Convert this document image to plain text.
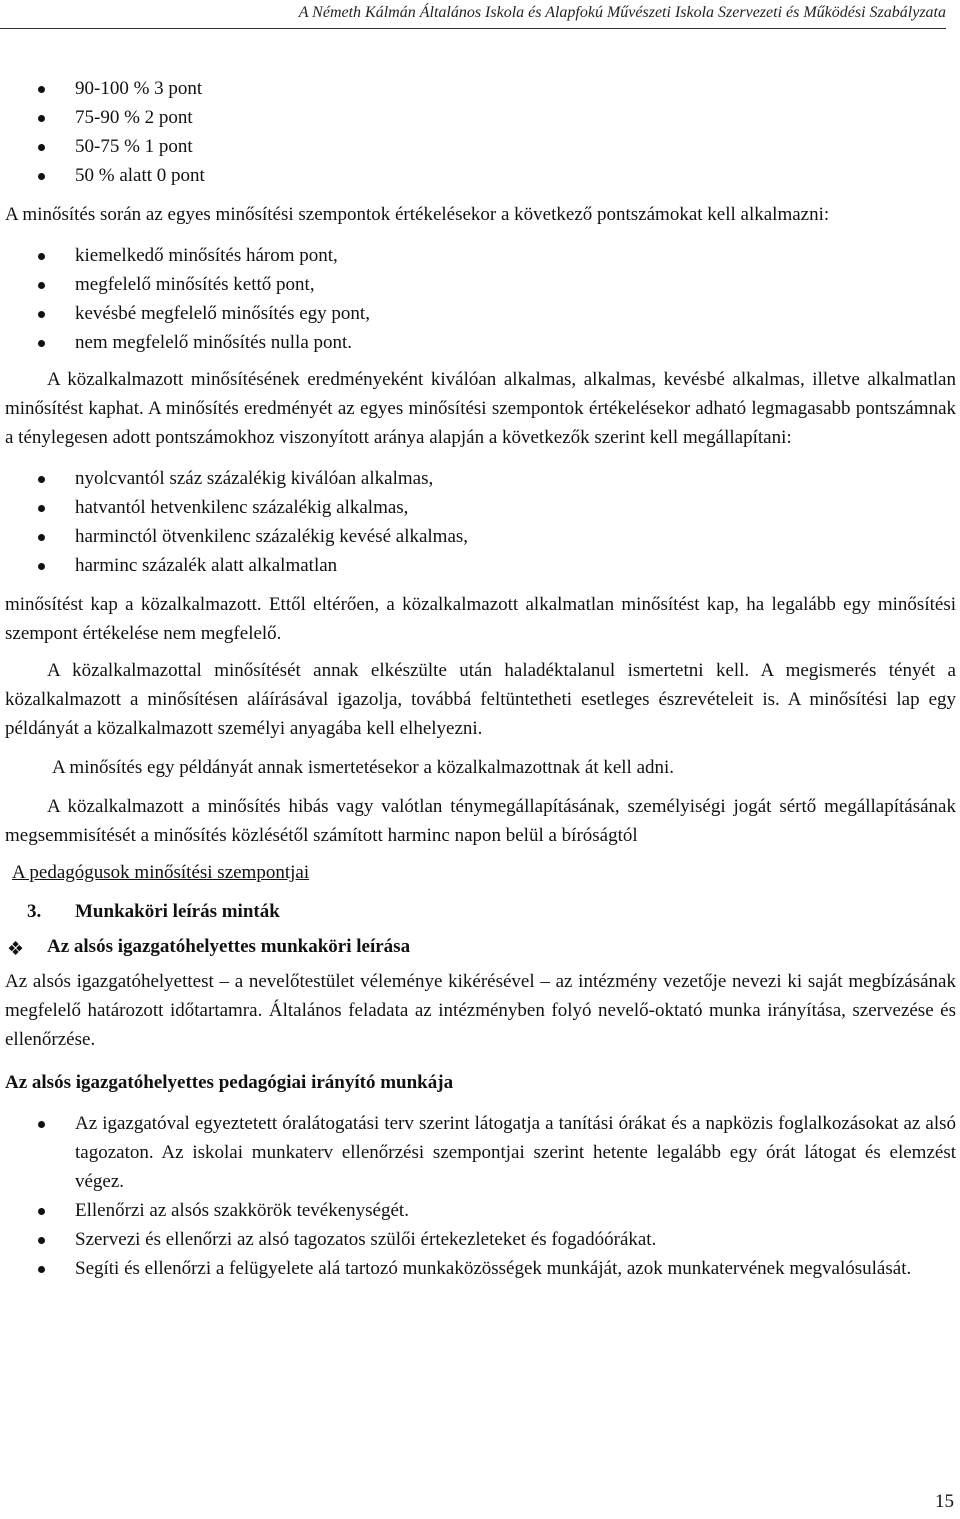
A Németh Kálmán Általános Iskola és Alapfokú Művészeti Iskola Szervezeti és Működési Szabályzata
90-100 % 3 pont
75-90 % 2 pont
50-75 % 1 pont
50 % alatt 0 pont

A minősítés során az egyes minősítési szempontok értékelésekor a következő pontszámokat kell alkalmazni:

kiemelkedő minősítés három pont,
megfelelő minősítés kettő pont,
kevésbé megfelelő minősítés egy pont,
nem megfelelő minősítés nulla pont.

A közalkalmazott minősítésének eredményeként kiválóan alkalmas, alkalmas, kevésbé alkalmas, illetve alkalmatlan minősítést kaphat. A minősítés eredményét az egyes minősítési szempontok értékelésekor adható legmagasabb pontszámnak a ténylegesen adott pontszámokhoz viszonyított aránya alapján a következők szerint kell megállapítani:

nyolcvantól száz százalékig kiválóan alkalmas,
hatvantól hetvenkilenc százalékig alkalmas,
harminctól ötvenkilenc százalékig kevésé alkalmas,
harminc százalék alatt alkalmatlan

minősítést kap a közalkalmazott. Ettől eltérően, a közalkalmazott alkalmatlan minősítést kap, ha legalább egy minősítési szempont értékelése nem megfelelő.

A közalkalmazottal minősítését annak elkészülte után haladéktalanul ismertetni kell. A megismerés tényét a közalkalmazott a minősítésen aláírásával igazolja, továbbá feltüntetheti esetleges észrevételeit is. A minősítési lap egy példányát a közalkalmazott személyi anyagába kell elhelyezni.

A minősítés egy példányát annak ismertetésekor a közalkalmazottnak át kell adni.

A közalkalmazott a minősítés hibás vagy valótlan ténymegállapításának, személyiségi jogát sértő megállapításának megsemmisítését a minősítés közlésétől számított harminc napon belül a bíróságtól

A pedagógusok minősítési szempontjai

3. Munkaköri leírás minták

❖ Az alsós igazgatóhelyettes munkaköri leírása

Az alsós igazgatóhelyettest – a nevelőtestület véleménye kikérésével – az intézmény vezetője nevezi ki saját megbízásának megfelelő határozott időtartamra. Általános feladata az intézményben folyó nevelő-oktató munka irányítása, szervezése és ellenőrzése.

Az alsós igazgatóhelyettes pedagógiai irányító munkája

Az igazgatóval egyeztetett óralátogatási terv szerint látogatja a tanítási órákat és a napközis foglalkozásokat az alsó tagozaton. Az iskolai munkaterv ellenőrzési szempontjai szerint hetente legalább egy órát látogat és elemzést végez.
Ellenőrzi az alsós szakkörök tevékenységét.
Szervezi és ellenőrzi az alsó tagozatos szülői értekezleteket és fogadóórákat.
Segíti és ellenőrzi a felügyelete alá tartozó munkaközösségek munkáját, azok munkatervének megvalósulását.
15
